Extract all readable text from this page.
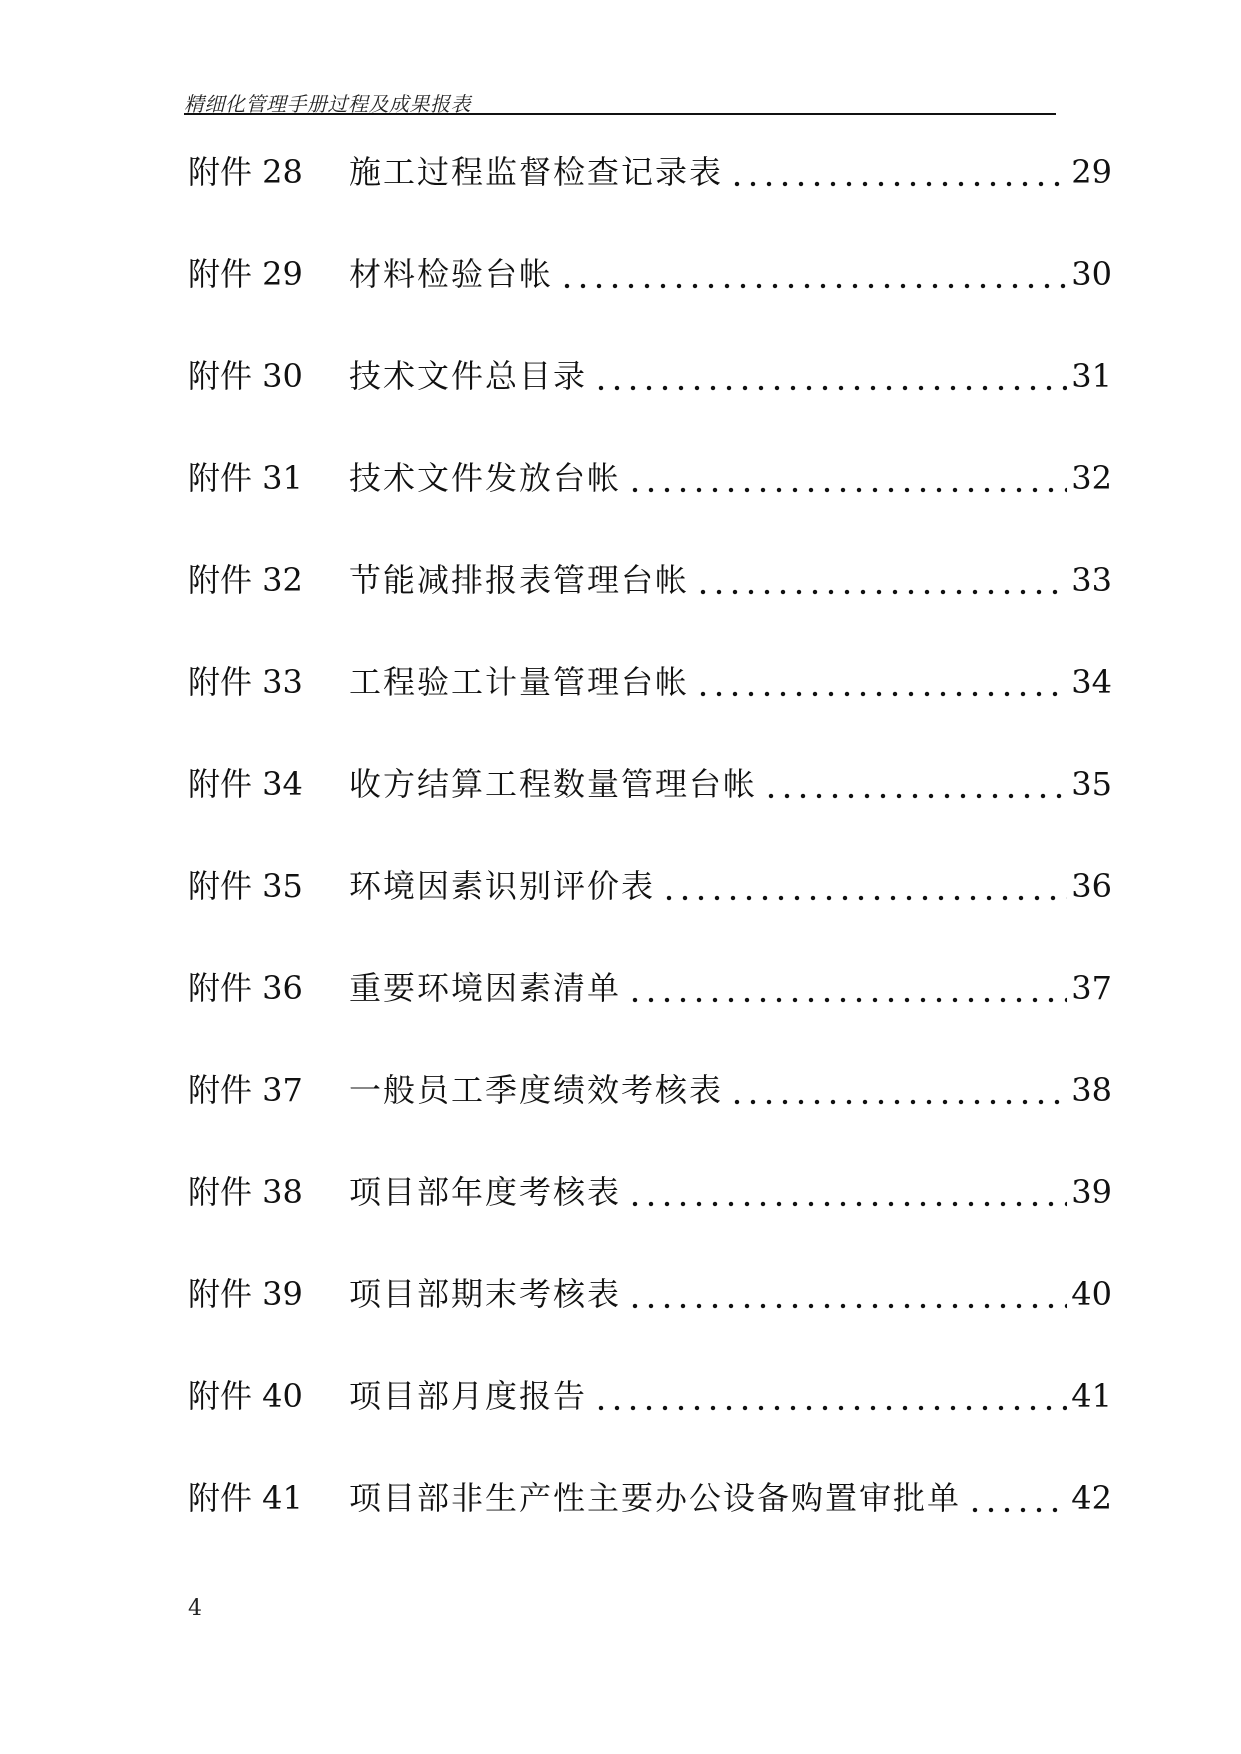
精细化管理手册过程及成果报表
附件 28	施工过程监督检查记录表	29
附件 29	材料检验台帐	30
附件 30	技术文件总目录	31
附件 31	技术文件发放台帐	32
附件 32	节能减排报表管理台帐	33
附件 33	工程验工计量管理台帐	34
附件 34	收方结算工程数量管理台帐	35
附件 35	环境因素识别评价表	36
附件 36	重要环境因素清单	37
附件 37	一般员工季度绩效考核表	38
附件 38	项目部年度考核表	39
附件 39	项目部期末考核表	40
附件 40	项目部月度报告	41
附件 41	项目部非生产性主要办公设备购置审批单	42
4
